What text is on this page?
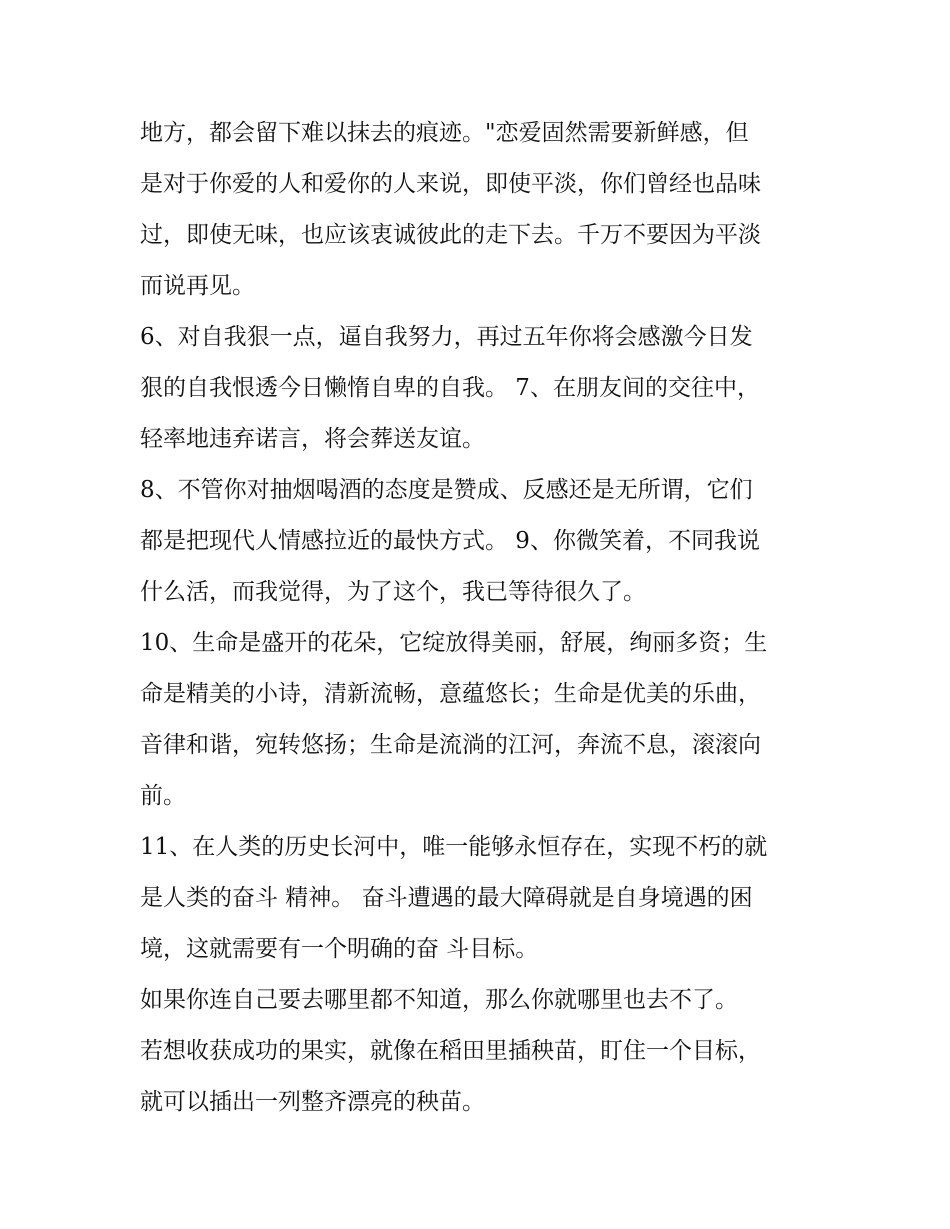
地方，都会留下难以抹去的痕迹。"恋爱固然需要新鲜感，但
是对于你爱的人和爱你的人来说，即使平淡，你们曾经也品味
过，即使无味，也应该衷诚彼此的走下去。千万不要因为平淡
而说再见。
6、对自我狠一点，逼自我努力，再过五年你将会感激今日发
狠的自我恨透今日懒惰自卑的自我。 7、在朋友间的交往中，
轻率地违弃诺言，将会葬送友谊。
8、不管你对抽烟喝酒的态度是赞成、反感还是无所谓，它们
都是把现代人情感拉近的最快方式。 9、你微笑着，不同我说
什么活，而我觉得，为了这个，我已等待很久了。
10、生命是盛开的花朵，它绽放得美丽，舒展，绚丽多资；生
命是精美的小诗，清新流畅，意蕴悠长；生命是优美的乐曲，
音律和谐，宛转悠扬；生命是流淌的江河，奔流不息，滚滚向
前。
11、在人类的历史长河中，唯一能够永恒存在，实现不朽的就
是人类的奋斗 精神。 奋斗遭遇的最大障碍就是自身境遇的困
境，这就需要有一个明确的奋 斗目标。
如果你连自己要去哪里都不知道，那么你就哪里也去不了。
若想收获成功的果实，就像在稻田里插秧苗，盯住一个目标，
就可以插出一列整齐漂亮的秧苗。
